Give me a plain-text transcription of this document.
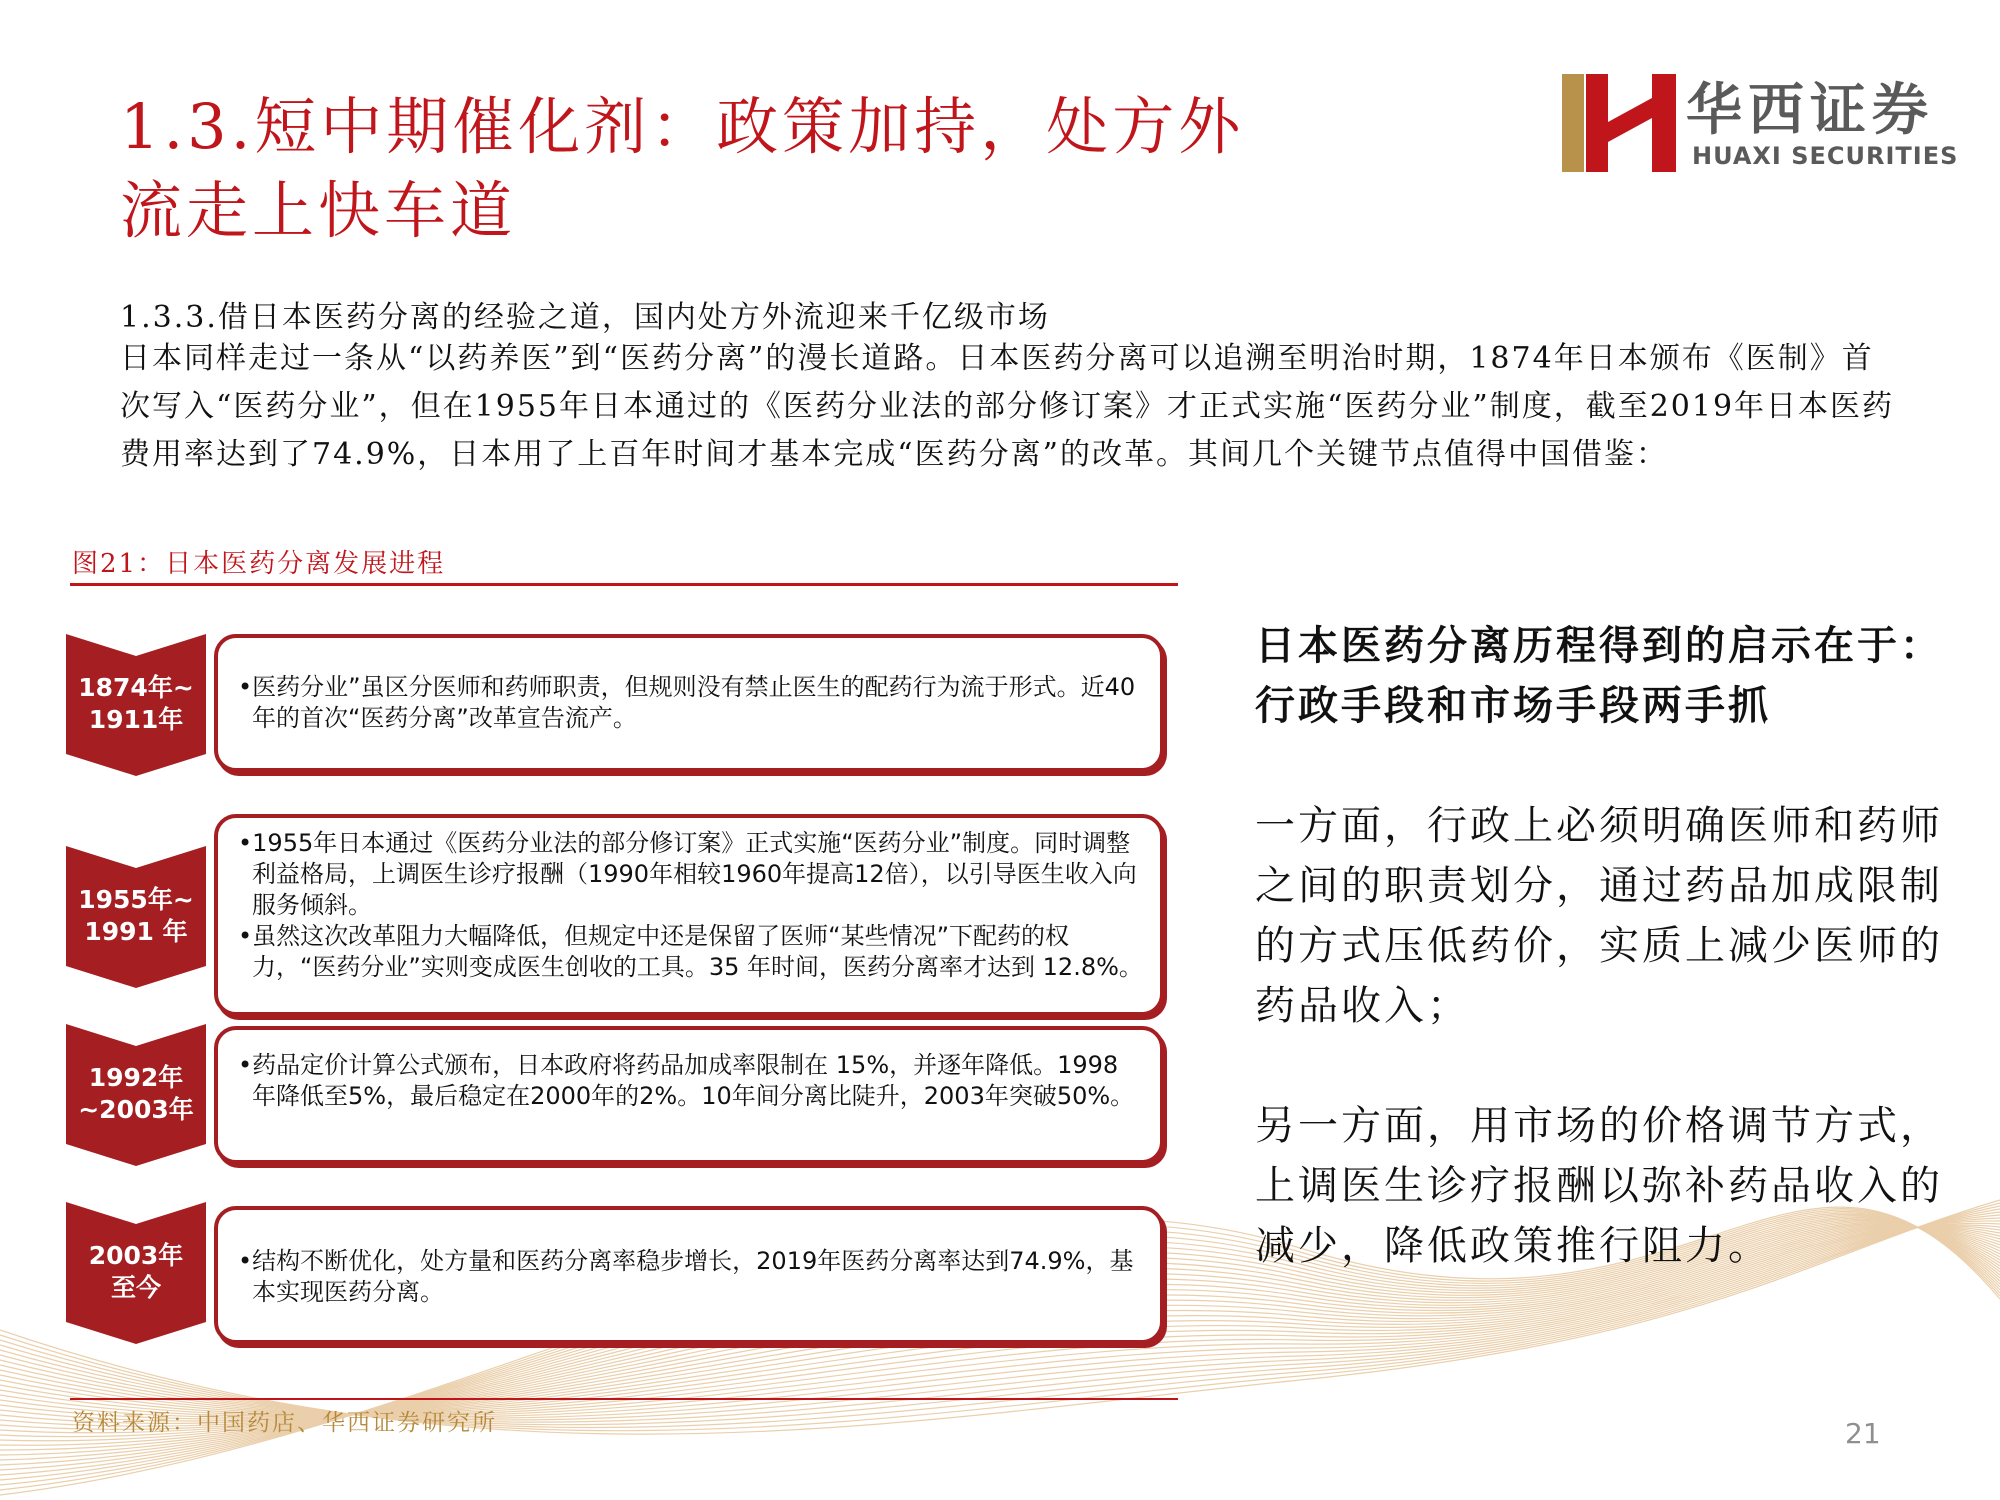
1.3.短中期催化剂：政策加持，处方外流走上快车道
华西证券
HUAXI SECURITIES
1.3.3.借日本医药分离的经验之道，国内处方外流迎来千亿级市场
日本同样走过一条从“以药养医”到“医药分离”的漫长道路。日本医药分离可以追溯至明治时期，1874年日本颁布《医制》首次写入“医药分业”，但在1955年日本通过的《医药分业法的部分修订案》才正式实施“医药分业”制度，截至2019年日本医药费用率达到了74.9%，日本用了上百年时间才基本完成“医药分离”的改革。其间几个关键节点值得中国借鉴：
图21：日本医药分离发展进程
1874年~
1911年
• 医药分业”虽区分医师和药师职责，但规则没有禁止医生的配药行为流于形式。近40年的首次“医药分离”改革宣告流产。
1955年~
1991 年
• 1955年日本通过《医药分业法的部分修订案》正式实施“医药分业”制度。同时调整利益格局，上调医生诊疗报酬（1990年相较1960年提高12倍），以引导医生收入向服务倾斜。
• 虽然这次改革阻力大幅降低，但规定中还是保留了医师“某些情况”下配药的权力，“医药分业”实则变成医生创收的工具。35 年时间，医药分离率才达到 12.8%。
1992年
~2003年
• 药品定价计算公式颁布，日本政府将药品加成率限制在 15%，并逐年降低。1998年降低至5%，最后稳定在2000年的2%。10年间分离比陡升，2003年突破50%。
2003年
至今
• 结构不断优化，处方量和医药分离率稳步增长，2019年医药分离率达到74.9%，基本实现医药分离。
资料来源：中国药店、华西证券研究所
日本医药分离历程得到的启示在于：行政手段和市场手段两手抓
一方面，行政上必须明确医师和药师之间的职责划分，通过药品加成限制的方式压低药价，实质上减少医师的药品收入；
另一方面，用市场的价格调节方式，上调医生诊疗报酬以弥补药品收入的减少，降低政策推行阻力。
21
